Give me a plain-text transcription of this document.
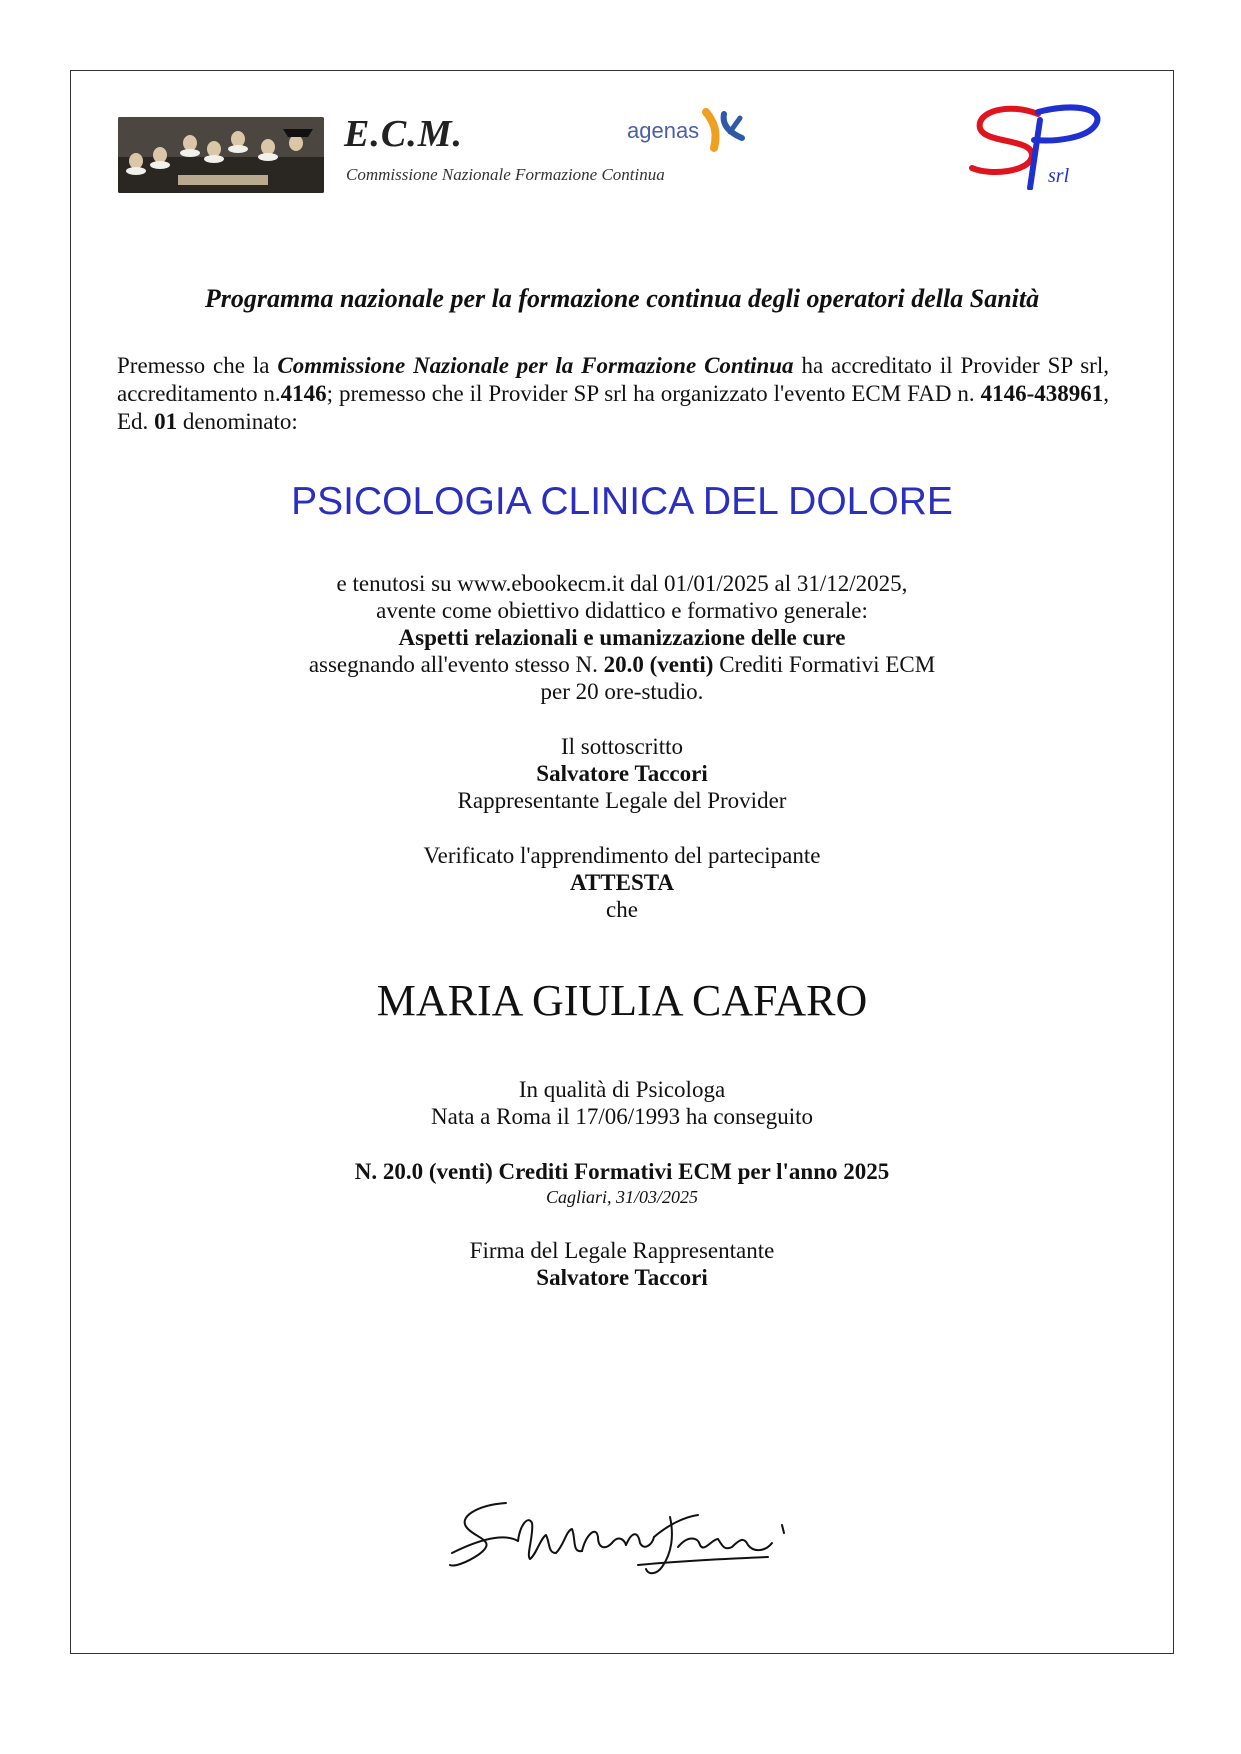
E.C.M.
Commissione Nazionale Formazione Continua
agenas
srl
Programma nazionale per la formazione continua degli operatori della Sanità
Premesso che la Commissione Nazionale per la Formazione Continua ha accreditato il Provider SP srl, accreditamento n.4146; premesso che il Provider SP srl ha organizzato l'evento ECM FAD n. 4146-438961, Ed. 01 denominato:
PSICOLOGIA CLINICA DEL DOLORE
e tenutosi su www.ebookecm.it dal 01/01/2025 al 31/12/2025,
avente come obiettivo didattico e formativo generale:
Aspetti relazionali e umanizzazione delle cure
assegnando all'evento stesso N. 20.0 (venti) Crediti Formativi ECM
per 20 ore-studio.
Il sottoscritto
Salvatore Taccori
Rappresentante Legale del Provider
Verificato l'apprendimento del partecipante
ATTESTA
che
MARIA GIULIA CAFARO
In qualità di Psicologa
Nata a Roma il 17/06/1993 ha conseguito
N. 20.0 (venti) Crediti Formativi ECM per l'anno 2025
Cagliari, 31/03/2025
Firma del Legale Rappresentante
Salvatore Taccori
